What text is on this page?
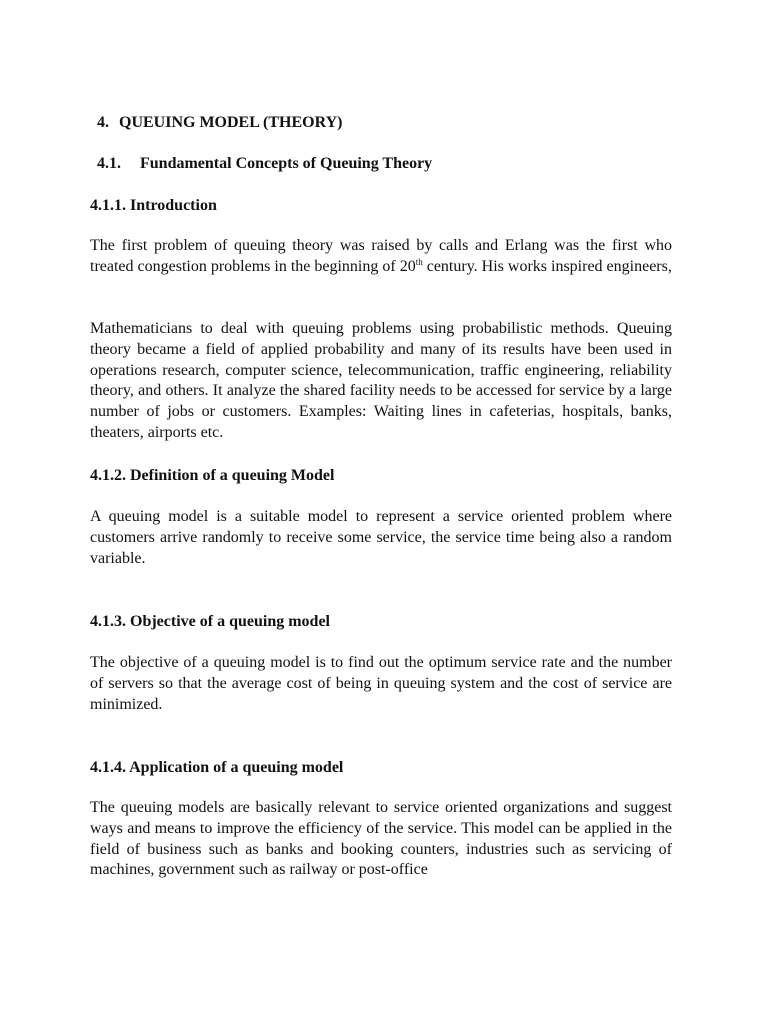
4. QUEUING MODEL (THEORY)
4.1. Fundamental Concepts of Queuing Theory
4.1.1. Introduction

The first problem of queuing theory was raised by calls and Erlang was the first who treated congestion problems in the beginning of 20th century. His works inspired engineers,

Mathematicians to deal with queuing problems using probabilistic methods. Queuing theory became a field of applied probability and many of its results have been used in operations research, computer science, telecommunication, traffic engineering, reliability theory, and others. It analyze the shared facility needs to be accessed for service by a large number of jobs or customers. Examples: Waiting lines in cafeterias, hospitals, banks, theaters, airports etc.

4.1.2. Definition of a queuing Model

A queuing model is a suitable model to represent a service oriented problem where customers arrive randomly to receive some service, the service time being also a random variable.

4.1.3. Objective of a queuing model

The objective of a queuing model is to find out the optimum service rate and the number of servers so that the average cost of being in queuing system and the cost of service are minimized.

4.1.4. Application of a queuing model

The queuing models are basically relevant to service oriented organizations and suggest ways and means to improve the efficiency of the service. This model can be applied in the field of business such as banks and booking counters, industries such as servicing of machines, government such as railway or post-office
